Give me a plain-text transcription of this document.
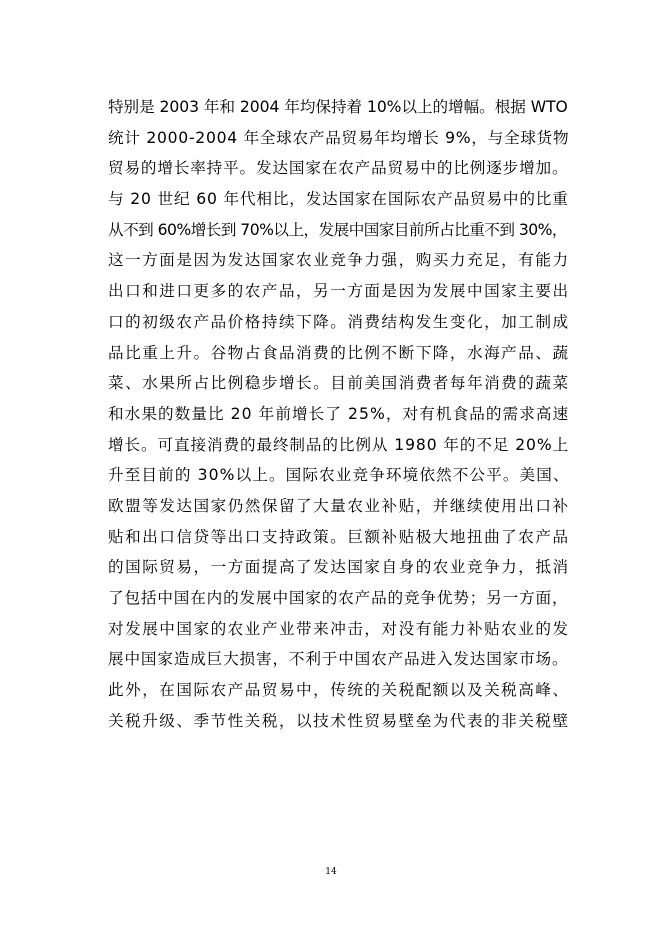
特别是 2003 年和 2004 年均保持着 10%以上的增幅。根据 WTO
统计 2000-2004 年全球农产品贸易年均增长 9%，与全球货物
贸易的增长率持平。发达国家在农产品贸易中的比例逐步增加。
与 20 世纪 60 年代相比，发达国家在国际农产品贸易中的比重
从不到 60%增长到 70%以上，发展中国家目前所占比重不到 30%，
这一方面是因为发达国家农业竞争力强，购买力充足，有能力
出口和进口更多的农产品，另一方面是因为发展中国家主要出
口的初级农产品价格持续下降。消费结构发生变化，加工制成
品比重上升。谷物占食品消费的比例不断下降，水海产品、蔬
菜、水果所占比例稳步增长。目前美国消费者每年消费的蔬菜
和水果的数量比 20 年前增长了 25%，对有机食品的需求高速
增长。可直接消费的最终制品的比例从 1980 年的不足 20%上
升至目前的 30%以上。国际农业竞争环境依然不公平。美国、
欧盟等发达国家仍然保留了大量农业补贴，并继续使用出口补
贴和出口信贷等出口支持政策。巨额补贴极大地扭曲了农产品
的国际贸易，一方面提高了发达国家自身的农业竞争力，抵消
了包括中国在内的发展中国家的农产品的竞争优势；另一方面，
对发展中国家的农业产业带来冲击，对没有能力补贴农业的发
展中国家造成巨大损害，不利于中国农产品进入发达国家市场。
此外，在国际农产品贸易中，传统的关税配额以及关税高峰、
关税升级、季节性关税，以技术性贸易壁垒为代表的非关税壁
14
